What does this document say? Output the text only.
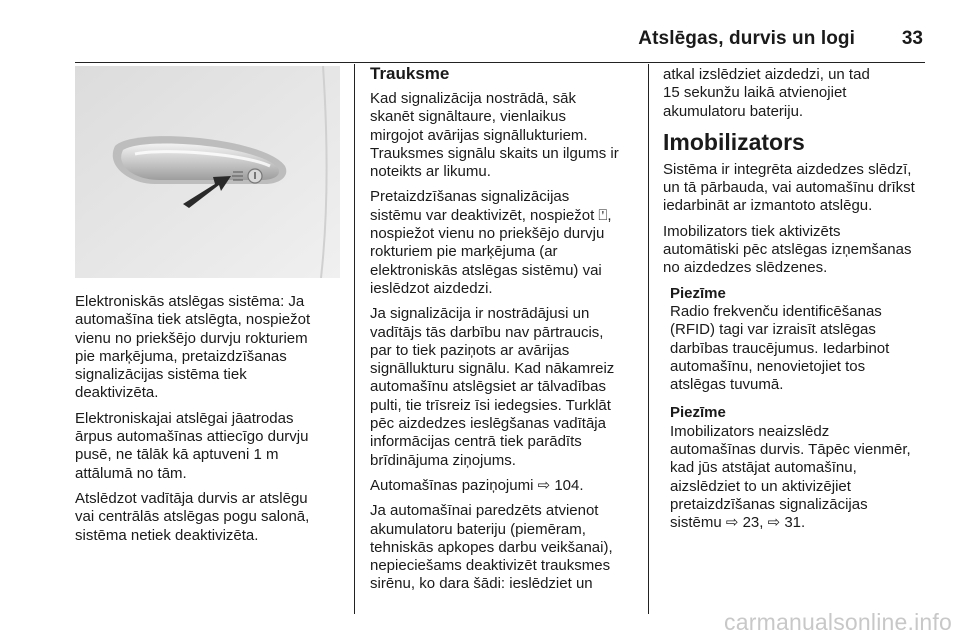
Atslēgas, durvis un logi 33

Elektroniskās atslēgas sistēma: Ja
automašīna tiek atslēgta, nospiežot
vienu no priekšējo durvju rokturiem
pie marķējuma, pretaizdzīšanas
signalizācijas sistēma tiek
deaktivizēta.

Elektroniskajai atslēgai jāatrodas
ārpus automašīnas attiecīgo durvju
pusē, ne tālāk kā aptuveni 1 m
attālumā no tām.

Atslēdzot vadītāja durvis ar atslēgu
vai centrālās atslēgas pogu salonā,
sistēma netiek deaktivizēta.

Trauksme

Kad signalizācija nostrādā, sāk
skanēt signāltaure, vienlaikus
mirgojot avārijas signāllukturiem.
Trauksmes signālu skaits un ilgums ir
noteikts ar likumu.

Pretaizdzīšanas signalizācijas
sistēmu var deaktivizēt, nospiežot ⍞,
nospiežot vienu no priekšējo durvju
rokturiem pie marķējuma (ar
elektroniskās atslēgas sistēmu) vai
ieslēdzot aizdedzi.

Ja signalizācija ir nostrādājusi un
vadītājs tās darbību nav pārtraucis,
par to tiek paziņots ar avārijas
signāllukturu signālu. Kad nākamreiz
automašīnu atslēgsiet ar tālvadības
pulti, tie trīsreiz īsi iedegsies. Turklāt
pēc aizdedzes ieslēgšanas vadītāja
informācijas centrā tiek parādīts
brīdinājuma ziņojums.

Automašīnas paziņojumi ⇨ 104.

Ja automašīnai paredzēts atvienot
akumulatoru bateriju (piemēram,
tehniskās apkopes darbu veikšanai),
nepieciešams deaktivizēt trauksmes
sirēnu, ko dara šādi: ieslēdziet un

atkal izslēdziet aizdedzi, un tad
15 sekunžu laikā atvienojiet
akumulatoru bateriju.

Imobilizators

Sistēma ir integrēta aizdedzes slēdzī,
un tā pārbauda, vai automašīnu drīkst
iedarbināt ar izmantoto atslēgu.

Imobilizators tiek aktivizēts
automātiski pēc atslēgas izņemšanas
no aizdedzes slēdzenes.

Piezīme
Radio frekvenču identificēšanas
(RFID) tagi var izraisīt atslēgas
darbības traucējumus. Iedarbinot
automašīnu, nenovietojiet tos
atslēgas tuvumā.
Piezīme
Imobilizators neaizslēdz
automašīnas durvis. Tāpēc vienmēr,
kad jūs atstājat automašīnu,
aizslēdziet to un aktivizējiet
pretaizdzīšanas signalizācijas
sistēmu ⇨ 23, ⇨ 31.
carmanualsonline.info
